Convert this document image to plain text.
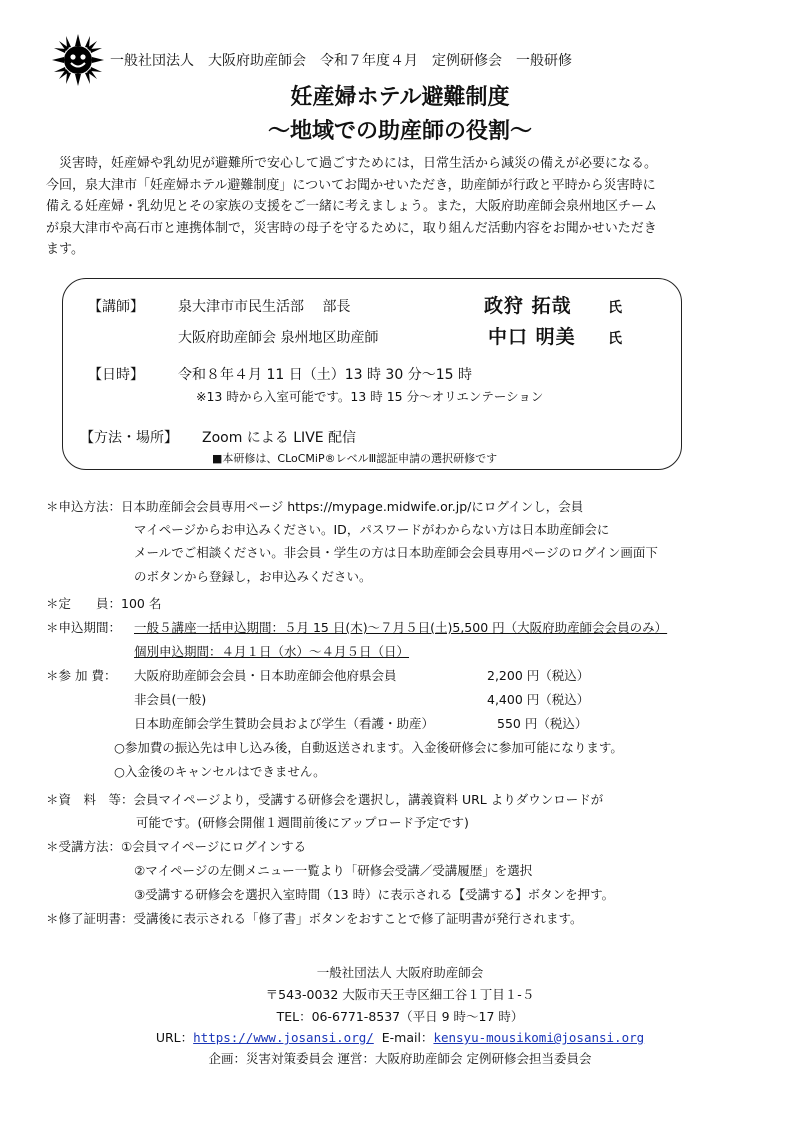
一般社団法人　大阪府助産師会　令和７年度４月　定例研修会　一般研修
妊産婦ホテル避難制度
～地域での助産師の役割～

災害時，妊産婦や乳幼児が避難所で安心して過ごすためには，日常生活から減災の備えが必要になる。

今回，泉大津市「妊産婦ホテル避難制度」についてお聞かせいただき，助産師が行政と平時から災害時に
備える妊産婦・乳幼児とその家族の支援をご一緒に考えましょう。また，大阪府助産師会泉州地区チーム
が泉大津市や高石市と連携体制で，災害時の母子を守るために，取り組んだ活動内容をお聞かせいただき
ます。
【講師】 泉大津市市民生活部　 部長	政狩 拓哉	氏
大阪府助産師会 泉州地区助産師	中口 明美 氏
【日時】 令和８年４月 11 日（土）13 時 30 分～15 時
※13 時から入室可能です。13 時 15 分～オリエンテーション
【方法・場所】 Zoom による LIVE 配信
■本研修は、CLoCMiP®レベルⅢ認証申請の選択研修です
＊申込方法：日本助産師会会員専用ページ https://mypage.midwife.or.jp/にログインし，会員
マイページからお申込みください。ID，パスワードがわからない方は日本助産師会に
メールでご相談ください。非会員・学生の方は日本助産師会会員専用ページのログイン画面下
のボタンから登録し，お申込みください。
＊定　　員：100 名
＊申込期間： 一般５講座一括申込期間：５月 15 日(木)～７月５日(土)5,500 円（大阪府助産師会会員のみ）
個別申込期間：４月１日（水）～４月５日（日）
＊参 加 費： 大阪府助産師会会員・日本助産師会他府県会員	2,200 円（税込）
非会員(一般)	4,400 円（税込）
日本助産師会学生賛助会員および学生（看護・助産）	550 円（税込）
○参加費の振込先は申し込み後，自動返送されます。入金後研修会に参加可能になります。
○入金後のキャンセルはできません。
＊資　料　等：会員マイページより，受講する研修会を選択し，講義資料 URL よりダウンロードが
可能です。(研修会開催１週間前後にアップロード予定です)
＊受講方法：①会員マイページにログインする
②マイページの左側メニュー一覧より「研修会受講／受講履歴」を選択
③受講する研修会を選択入室時間（13 時）に表示される【受講する】ボタンを押す。
＊修了証明書：受講後に表示される「修了書」ボタンをおすことで修了証明書が発行されます。
一般社団法人 大阪府助産師会
〒543-0032 大阪市天王寺区細工谷１丁目１-５
TEL：06-6771-8537（平日 9 時～17 時）
URL：https://www.josansi.org/ E-mail：kensyu-mousikomi@josansi.org
企画：災害対策委員会 運営：大阪府助産師会 定例研修会担当委員会
